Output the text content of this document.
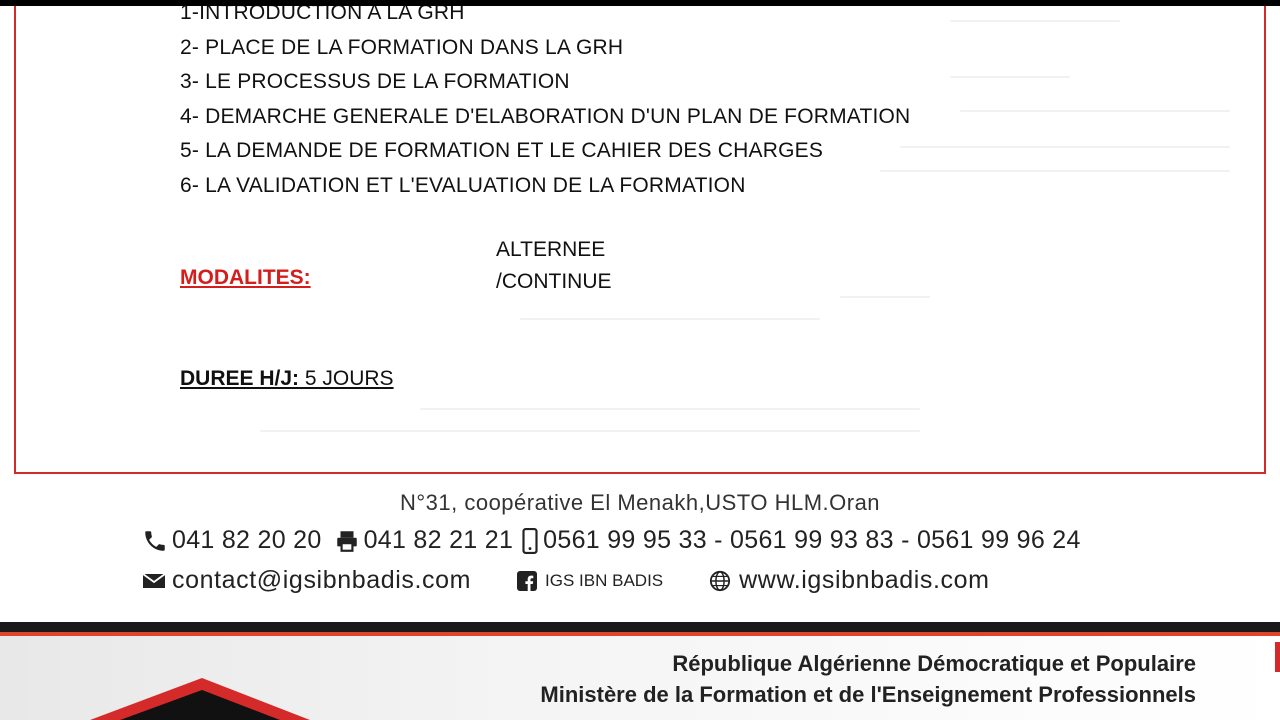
1-INTRODUCTION A LA GRH
2- PLACE DE LA FORMATION DANS LA GRH
3- LE PROCESSUS DE LA FORMATION
4- DEMARCHE GENERALE D'ELABORATION D'UN PLAN DE FORMATION
5- LA DEMANDE DE FORMATION ET LE CAHIER DES CHARGES
6- LA VALIDATION ET L'EVALUATION DE LA FORMATION
MODALITES:
ALTERNEE
/CONTINUE
DUREE H/J: 5 JOURS
N°31, coopérative El Menakh,USTO HLM.Oran
041 82 20 20 041 82 21 21 0561 99 95 33 - 0561 99 93 83 - 0561 99 96 24
contact@igsibnbadis.com	IGS IBN BADIS	www.igsibnbadis.com
République Algérienne Démocratique et Populaire
Ministère de la Formation et de l'Enseignement Professionnels
